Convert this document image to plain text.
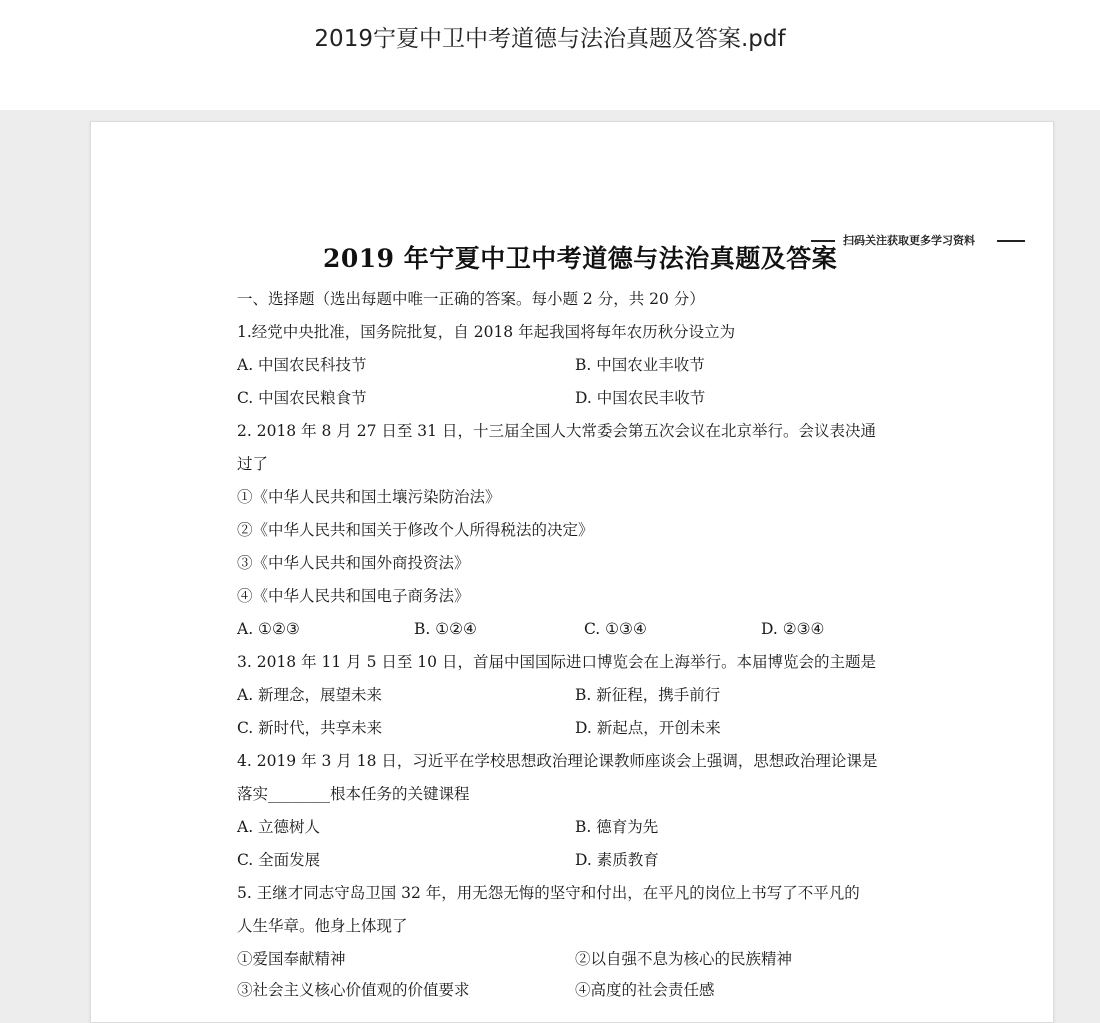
2019宁夏中卫中考道德与法治真题及答案.pdf
2019 年宁夏中卫中考道德与法治真题及答案
扫码关注获取更多学习资料
一、选择题（选出每题中唯一正确的答案。每小题 2 分，共 20 分）
1.经党中央批准，国务院批复，自 2018 年起我国将每年农历秋分设立为
A. 中国农民科技节	B. 中国农业丰收节
C. 中国农民粮食节	D. 中国农民丰收节
2. 2018 年 8 月 27 日至 31 日，十三届全国人大常委会第五次会议在北京举行。会议表决通
过了
①《中华人民共和国土壤污染防治法》
②《中华人民共和国关于修改个人所得税法的决定》
③《中华人民共和国外商投资法》
④《中华人民共和国电子商务法》
A. ①②③	B. ①②④	C. ①③④	D. ②③④
3. 2018 年 11 月 5 日至 10 日，首届中国国际进口博览会在上海举行。本届博览会的主题是
A. 新理念，展望未来	B. 新征程，携手前行
C. 新时代，共享未来	D. 新起点，开创未来
4. 2019 年 3 月 18 日，习近平在学校思想政治理论课教师座谈会上强调，思想政治理论课是
落实________根本任务的关键课程
A. 立德树人	B. 德育为先
C. 全面发展	D. 素质教育
5. 王继才同志守岛卫国 32 年，用无怨无悔的坚守和付出，在平凡的岗位上书写了不平凡的
人生华章。他身上体现了
①爱国奉献精神	②以自强不息为核心的民族精神
③社会主义核心价值观的价值要求	④高度的社会责任感
